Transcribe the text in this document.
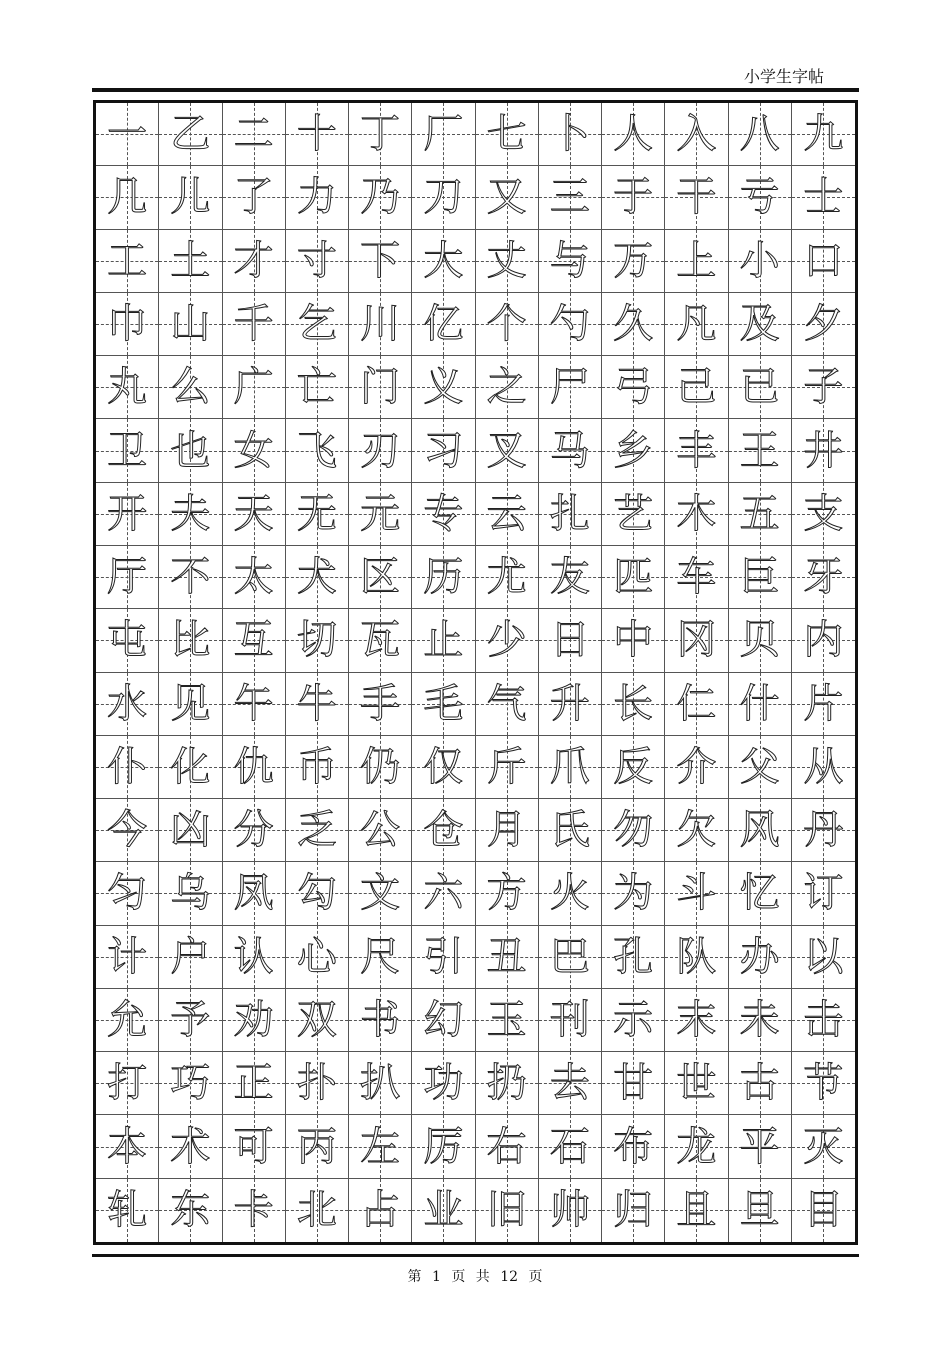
小学生字帖
一 乙 二 十 丁 厂 七 卜 人 入 八 九
几 儿 了 力 乃 刀 又 三 于 干 亏 士
工 土 才 寸 下 大 丈 与 万 上 小 口
巾 山 千 乞 川 亿 个 勺 久 凡 及 夕
丸 么 广 亡 门 义 之 尸 弓 己 已 子
卫 也 女 飞 刃 习 叉 马 乡 丰 王 井
开 夫 天 无 元 专 云 扎 艺 木 五 支
厅 不 太 犬 区 历 尤 友 匹 车 巨 牙
屯 比 互 切 瓦 止 少 日 中 冈 贝 内
水 见 午 牛 手 毛 气 升 长 仁 什 片
仆 化 仇 币 仍 仅 斤 爪 反 介 父 从
今 凶 分 乏 公 仓 月 氏 勿 欠 风 丹
匀 乌 凤 勾 文 六 方 火 为 斗 忆 订
计 户 认 心 尺 引 丑 巴 孔 队 办 以
允 予 劝 双 书 幻 玉 刊 示 末 未 击
打 巧 正 扑 扒 功 扔 去 甘 世 古 节
本 术 可 丙 左 厉 右 石 布 龙 平 灭
轧 东 卡 北 占 业 旧 帅 归 且 旦 目
第 1 页 共 12 页
